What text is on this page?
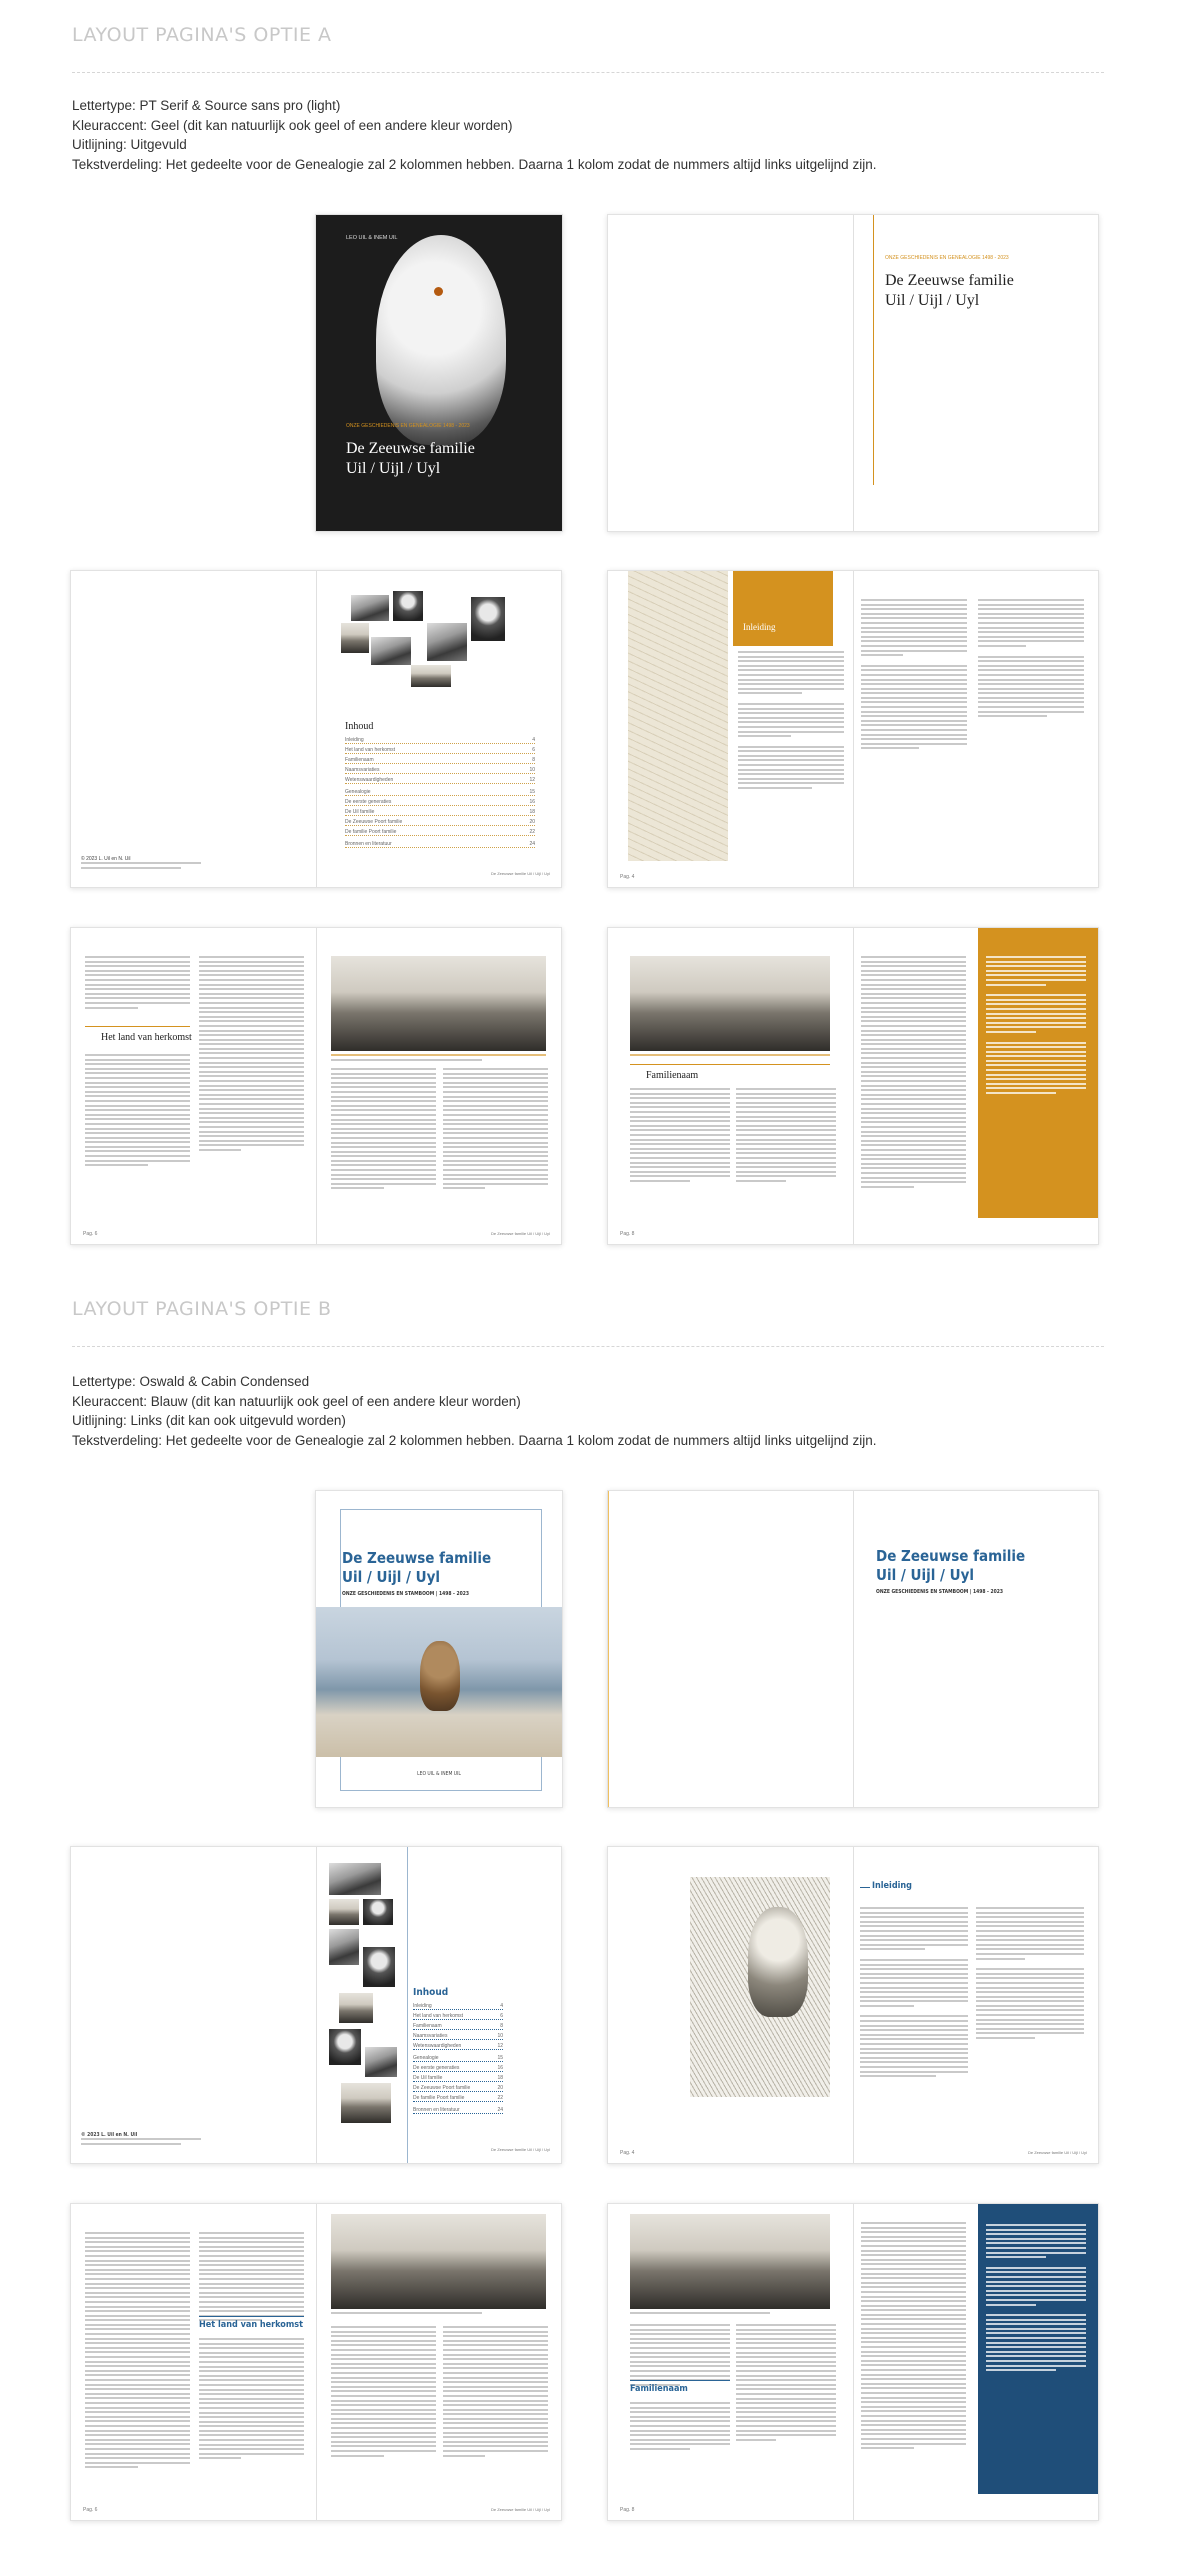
LAYOUT PAGINA'S OPTIE A
Lettertype: PT Serif & Source sans pro (light)
Kleuraccent: Geel (dit kan natuurlijk ook geel of een andere kleur worden)
Uitlijning: Uitgevuld
Tekstverdeling: Het gedeelte voor de Genealogie zal 2 kolommen hebben. Daarna 1 kolom zodat de nummers altijd links uitgelijnd zijn.
LEO UIL & INEM UIL
ONZE GESCHIEDENIS EN GENEALOGIE 1498 - 2023
De Zeeuwse familie
Uil / Uijl / Uyl
ONZE GESCHIEDENIS EN GENEALOGIE 1498 - 2023
De Zeeuwse familie
Uil / Uijl / Uyl
© 2023 L. Uil en N. Uil
Inhoud
Inleiding	4
Het land van herkomst	6
Familienaam	8
Naamsvariaties	10
Wetenswaardigheden	12
Genealogie	15
De eerste generaties	16
De Uil familie	18
De Zeeuwse Poort familie	20
De familie Poort familie	22
Bronnen en literatuur	24
De Zeeuwse familie Uil / Uijl / Uyl
Inleiding
Pag. 4
Het land van herkomst
Pag. 6	De Zeeuwse familie Uil / Uijl / Uyl
Familienaam
Pag. 8
LAYOUT PAGINA'S OPTIE B
Lettertype: Oswald & Cabin Condensed
Kleuraccent: Blauw (dit kan natuurlijk ook geel of een andere kleur worden)
Uitlijning: Links (dit kan ook uitgevuld worden)
Tekstverdeling: Het gedeelte voor de Genealogie zal 2 kolommen hebben. Daarna 1 kolom zodat de nummers altijd links uitgelijnd zijn.
De Zeeuwse familie
Uil / Uijl / Uyl
ONZE GESCHIEDENIS EN STAMBOOM | 1498 - 2023
LEO UIL & INEM UIL
De Zeeuwse familie
Uil / Uijl / Uyl
ONZE GESCHIEDENIS EN STAMBOOM | 1498 - 2023
© 2023 L. Uil en N. Uil
Inhoud
Inleiding	4
Het land van herkomst	6
Familienaam	8
Naamsvariaties	10
Wetenswaardigheden	12
Genealogie	15
De eerste generaties	16
De Uil familie	18
De Zeeuwse Poort familie	20
De familie Poort familie	22
Bronnen en literatuur	24
De Zeeuwse familie Uil / Uijl / Uyl
Inleiding
Pag. 4	De Zeeuwse familie Uil / Uijl / Uyl
Het land van herkomst
Pag. 6	De Zeeuwse familie Uil / Uijl / Uyl
Familienaam
Pag. 8
